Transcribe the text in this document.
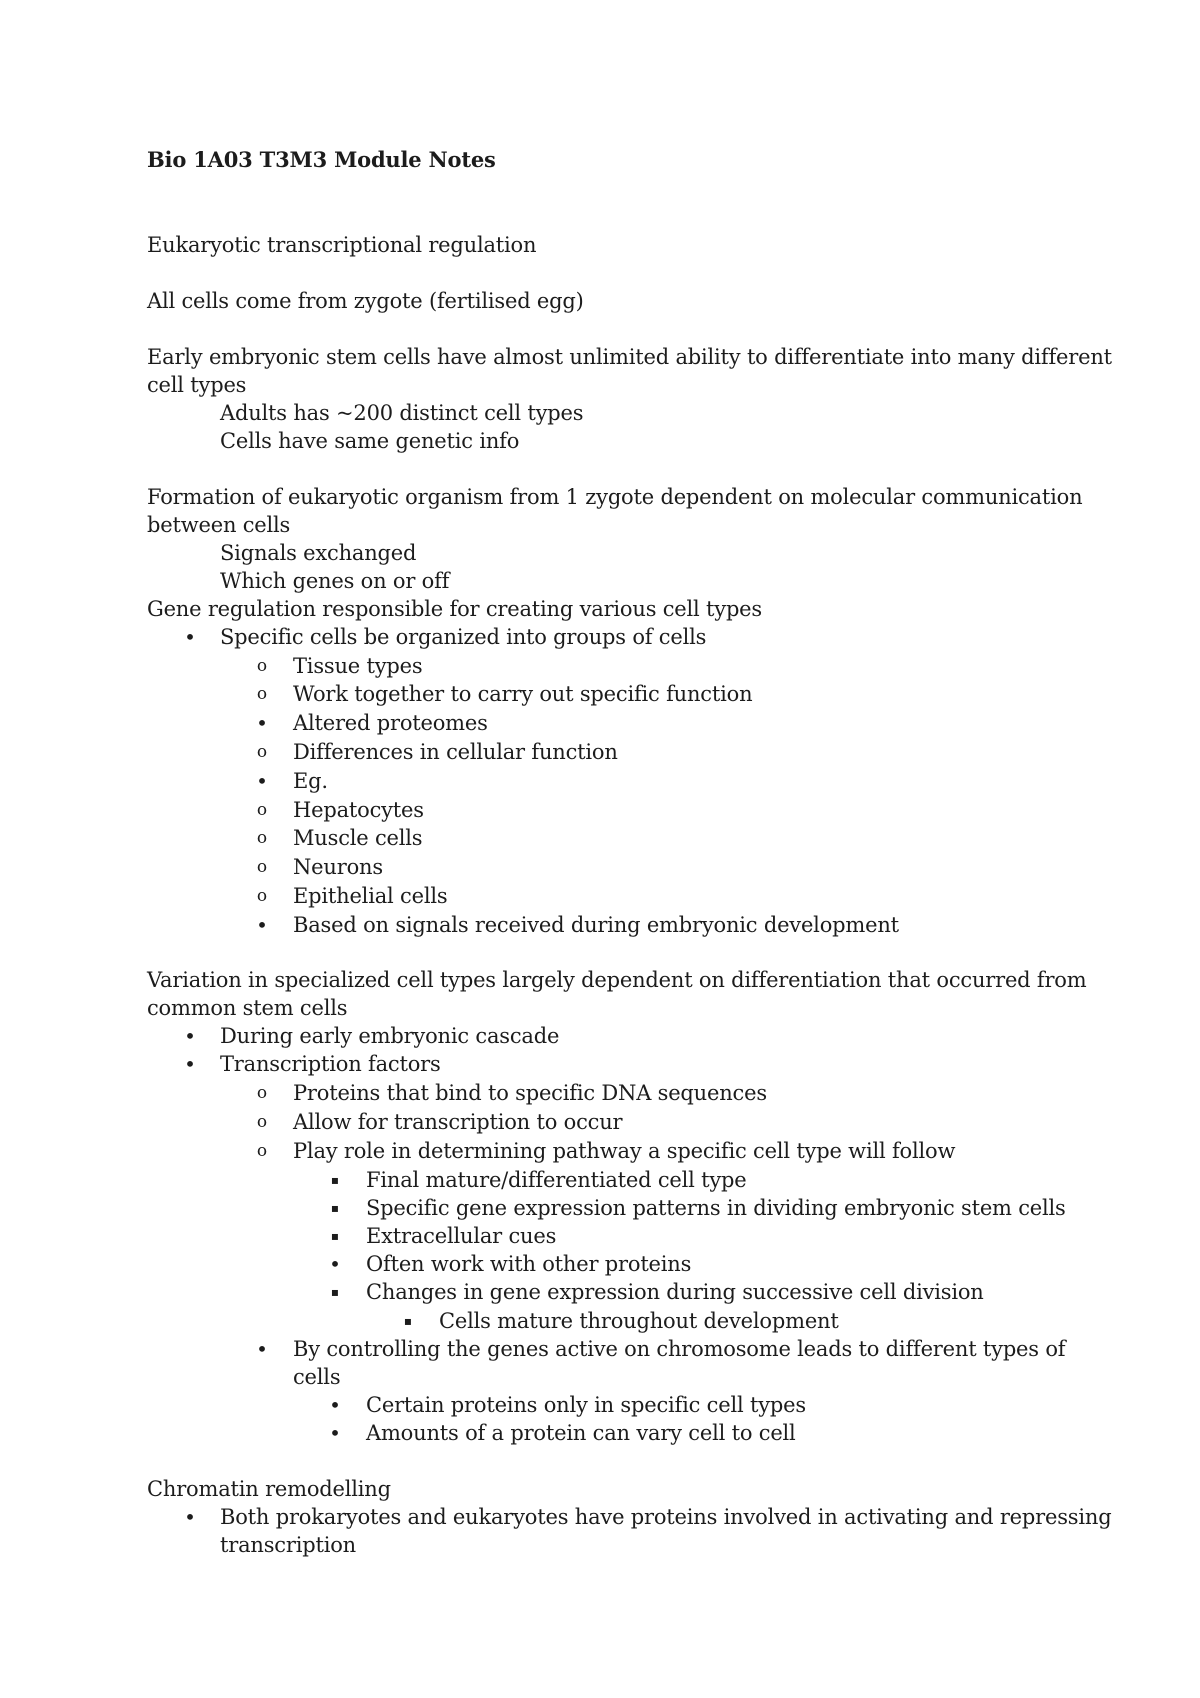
Bio 1A03 T3M3 Module Notes
Eukaryotic transcriptional regulation
All cells come from zygote (fertilised egg)
Early embryonic stem cells have almost unlimited ability to differentiate into many different
cell types
Adults has ~200 distinct cell types
Cells have same genetic info
Formation of eukaryotic organism from 1 zygote dependent on molecular communication
between cells
Signals exchanged
Which genes on or off
Gene regulation responsible for creating various cell types
• Specific cells be organized into groups of cells
o Tissue types
o Work together to carry out specific function
• Altered proteomes
o Differences in cellular function
• Eg.
o Hepatocytes
o Muscle cells
o Neurons
o Epithelial cells
• Based on signals received during embryonic development
Variation in specialized cell types largely dependent on differentiation that occurred from
common stem cells
• During early embryonic cascade
• Transcription factors
o Proteins that bind to specific DNA sequences
o Allow for transcription to occur
o Play role in determining pathway a specific cell type will follow
▪ Final mature/differentiated cell type
▪ Specific gene expression patterns in dividing embryonic stem cells
▪ Extracellular cues
• Often work with other proteins
▪ Changes in gene expression during successive cell division
▪ Cells mature throughout development
• By controlling the genes active on chromosome leads to different types of
cells
• Certain proteins only in specific cell types
• Amounts of a protein can vary cell to cell
Chromatin remodelling
• Both prokaryotes and eukaryotes have proteins involved in activating and repressing
transcription
